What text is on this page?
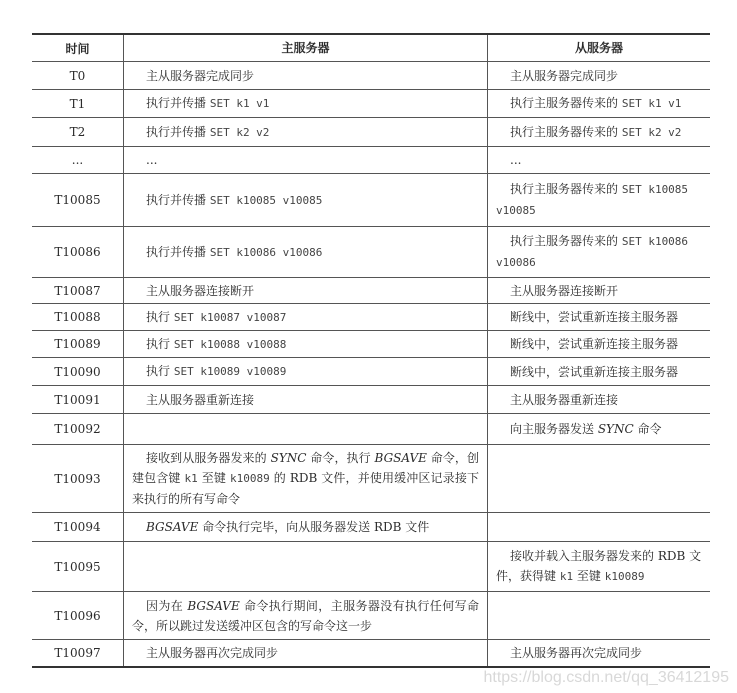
时间	主服务器	从服务器
T0	主从服务器完成同步	主从服务器完成同步
T1	执行并传播 SET k1 v1	执行主服务器传来的 SET k1 v1
T2	执行并传播 SET k2 v2	执行主服务器传来的 SET k2 v2
...	...	...
T10085	执行并传播 SET k10085 v10085	执行主服务器传来的 SET k10085 v10085
T10086	执行并传播 SET k10086 v10086	执行主服务器传来的 SET k10086 v10086
T10087	主从服务器连接断开	主从服务器连接断开
T10088	执行 SET k10087 v10087	断线中，尝试重新连接主服务器
T10089	执行 SET k10088 v10088	断线中，尝试重新连接主服务器
T10090	执行 SET k10089 v10089	断线中，尝试重新连接主服务器
T10091	主从服务器重新连接	主从服务器重新连接
T10092		向主服务器发送 SYNC 命令
T10093	接收到从服务器发来的 SYNC 命令，执行 BGSAVE 命令，创建包含键 k1 至键 k10089 的 RDB 文件，并使用缓冲区记录接下来执行的所有写命令	
T10094	BGSAVE 命令执行完毕，向从服务器发送 RDB 文件	
T10095		接收并载入主服务器发来的 RDB 文件，获得键 k1 至键 k10089
T10096	因为在 BGSAVE 命令执行期间，主服务器没有执行任何写命令，所以跳过发送缓冲区包含的写命令这一步	
T10097	主从服务器再次完成同步	主从服务器再次完成同步
https://blog.csdn.net/qq_36412195
